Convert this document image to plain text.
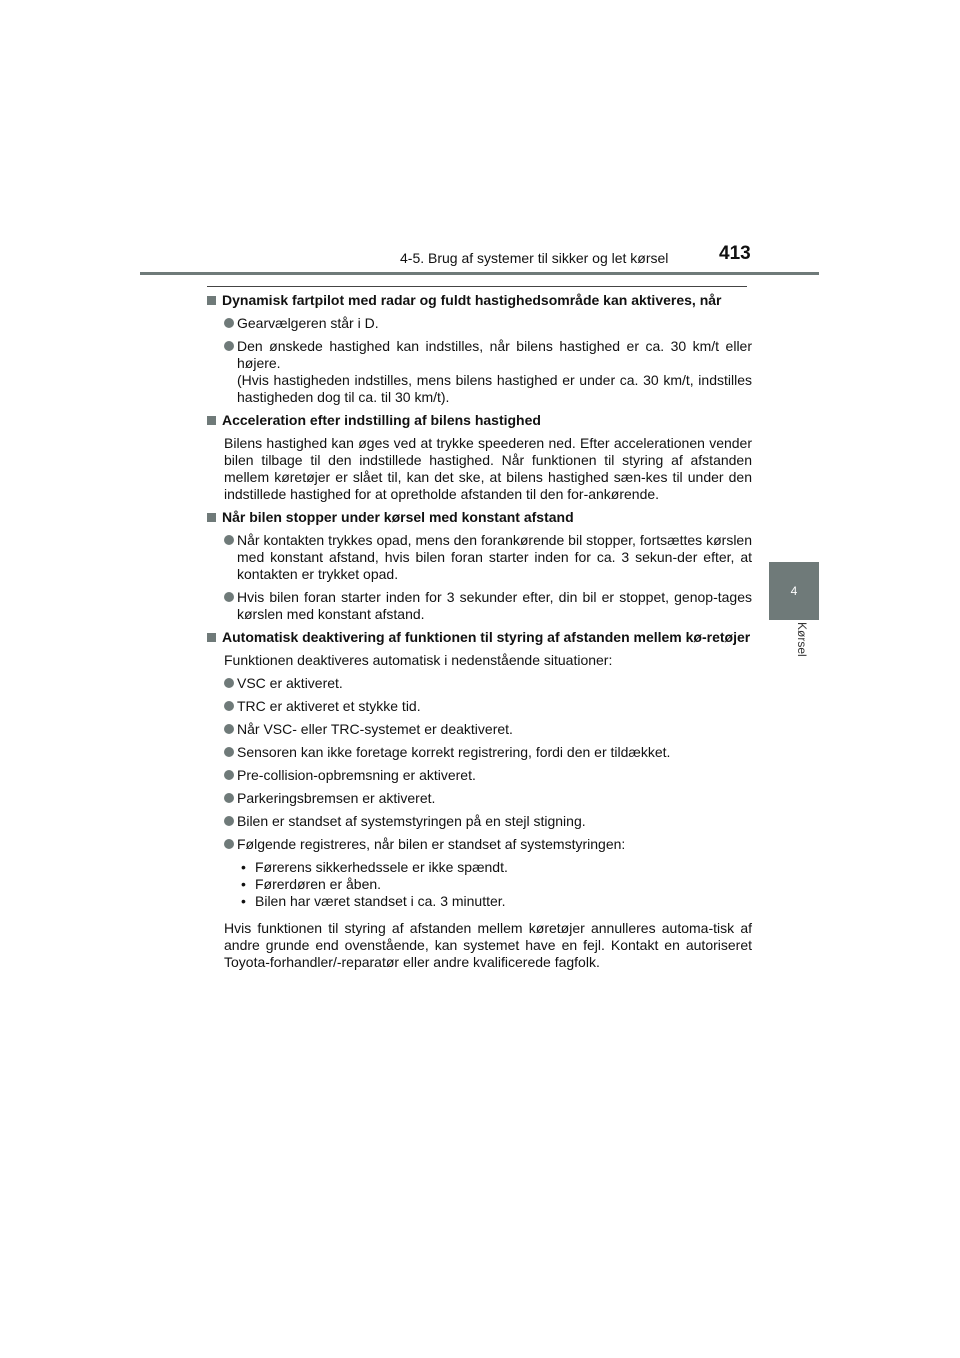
4-5. Brug af systemer til sikker og let kørsel	413
4
Kørsel
Dynamisk fartpilot med radar og fuldt hastighedsområde kan aktiveres, når
Gearvælgeren står i D.
Den ønskede hastighed kan indstilles, når bilens hastighed er ca. 30 km/t eller højere.
(Hvis hastigheden indstilles, mens bilens hastighed er under ca. 30 km/t, indstilles hastigheden dog til ca. til 30 km/t).
Acceleration efter indstilling af bilens hastighed
Bilens hastighed kan øges ved at trykke speederen ned. Efter accelerationen vender bilen tilbage til den indstillede hastighed. Når funktionen til styring af afstanden mellem køretøjer er slået til, kan det ske, at bilens hastighed sæn-kes til under den indstillede hastighed for at opretholde afstanden til den for-ankørende.
Når bilen stopper under kørsel med konstant afstand
Når kontakten trykkes opad, mens den forankørende bil stopper, fortsættes kørslen med konstant afstand, hvis bilen foran starter inden for ca. 3 sekun-der efter, at kontakten er trykket opad.
Hvis bilen foran starter inden for 3 sekunder efter, din bil er stoppet, genop-tages kørslen med konstant afstand.
Automatisk deaktivering af funktionen til styring af afstanden mellem kø-retøjer
Funktionen deaktiveres automatisk i nedenstående situationer:
VSC er aktiveret.
TRC er aktiveret et stykke tid.
Når VSC- eller TRC-systemet er deaktiveret.
Sensoren kan ikke foretage korrekt registrering, fordi den er tildækket.
Pre-collision-opbremsning er aktiveret.
Parkeringsbremsen er aktiveret.
Bilen er standset af systemstyringen på en stejl stigning.
Følgende registreres, når bilen er standset af systemstyringen:
• Førerens sikkerhedssele er ikke spændt.
• Førerdøren er åben.
• Bilen har været standset i ca. 3 minutter.
Hvis funktionen til styring af afstanden mellem køretøjer annulleres automa-tisk af andre grunde end ovenstående, kan systemet have en fejl. Kontakt en autoriseret Toyota-forhandler/-reparatør eller andre kvalificerede fagfolk.
